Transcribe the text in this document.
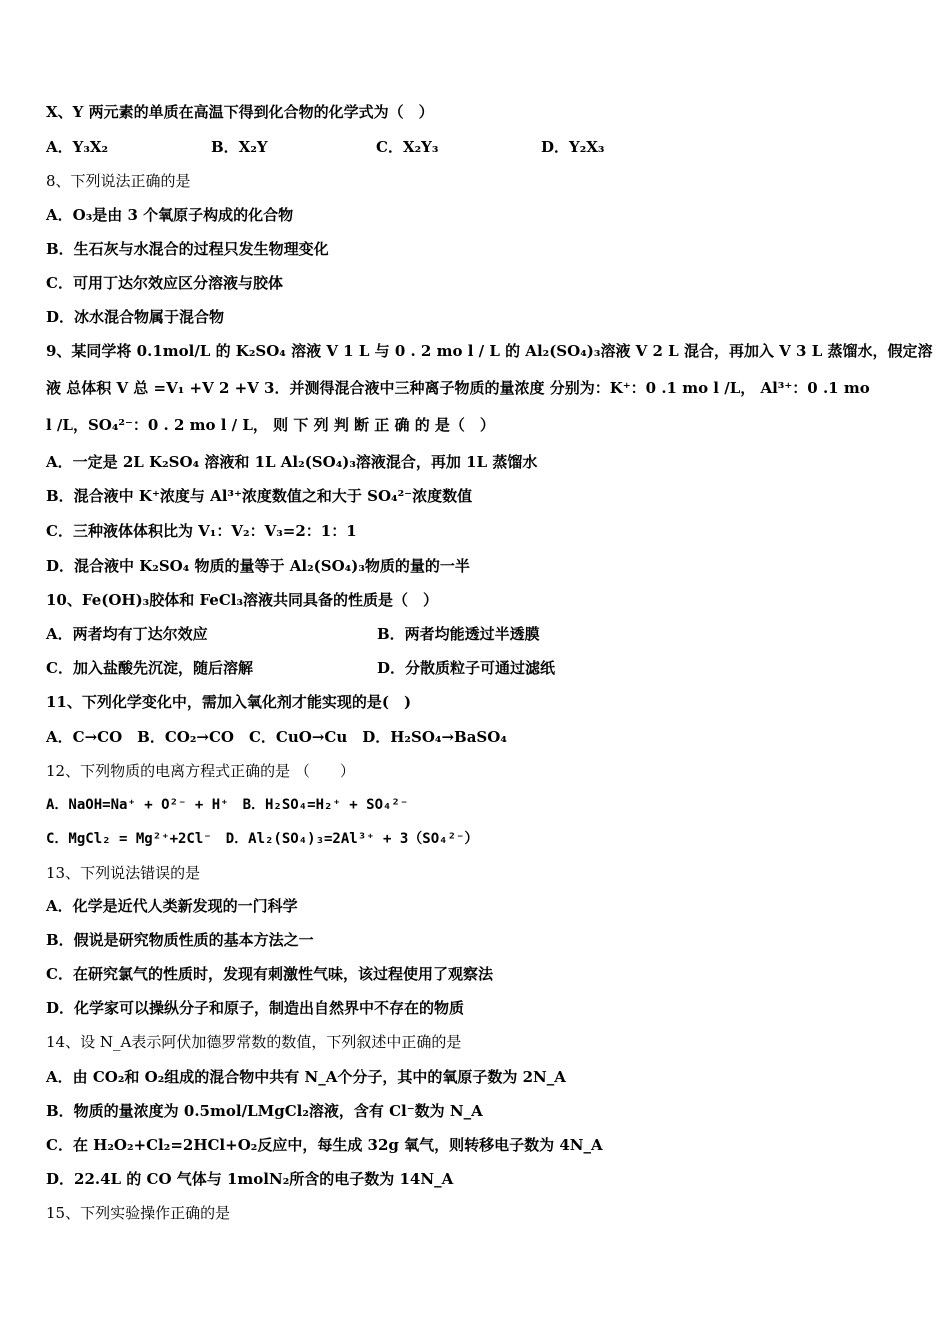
X、Y 两元素的单质在高温下得到化合物的化学式为（　）
A．Y₃X₂	B．X₂Y	C．X₂Y₃	D．Y₂X₃
8、下列说法正确的是
A．O₃是由 3 个氧原子构成的化合物
B．生石灰与水混合的过程只发生物理变化
C．可用丁达尔效应区分溶液与胶体
D．冰水混合物属于混合物
9、某同学将 0.1mol/L 的 K₂SO₄ 溶液 V 1 L 与 0 . 2 mo l / L 的 Al₂(SO₄)₃溶液 V 2 L 混合，再加入 V 3 L 蒸馏水，假定溶
液 总体积 V 总 =V₁ +V 2 +V 3．并测得混合液中三种离子物质的量浓度 分别为：K⁺：0 .1 mo l /L， Al³⁺：0 .1 mo
l /L，SO₄²⁻：0 . 2 mo l / L， 则 下 列 判 断 正 确 的 是（　）
A．一定是 2L K₂SO₄ 溶液和 1L Al₂(SO₄)₃溶液混合，再加 1L 蒸馏水
B．混合液中 K⁺浓度与 Al³⁺浓度数值之和大于 SO₄²⁻浓度数值
C．三种液体体积比为 V₁：V₂：V₃=2：1：1
D．混合液中 K₂SO₄ 物质的量等于 Al₂(SO₄)₃物质的量的一半
10、Fe(OH)₃胶体和 FeCl₃溶液共同具备的性质是（　）
A．两者均有丁达尔效应	B．两者均能透过半透膜
C．加入盐酸先沉淀，随后溶解	D．分散质粒子可通过滤纸
11、下列化学变化中，需加入氧化剂才能实现的是(　)
A．C→CO　B．CO₂→CO　C．CuO→Cu　D．H₂SO₄→BaSO₄
12、下列物质的电离方程式正确的是 （　　）
A．NaOH=Na⁺ + O²⁻ + H⁺　B．H₂SO₄=H₂⁺ + SO₄²⁻
C．MgCl₂ = Mg²⁺+2Cl⁻　D．Al₂(SO₄)₃=2Al³⁺ + 3（SO₄²⁻）
13、下列说法错误的是
A．化学是近代人类新发现的一门科学
B．假说是研究物质性质的基本方法之一
C．在研究氯气的性质时，发现有刺激性气味，该过程使用了观察法
D．化学家可以操纵分子和原子，制造出自然界中不存在的物质
14、设 N_A表示阿伏加德罗常数的数值，下列叙述中正确的是
A．由 CO₂和 O₂组成的混合物中共有 N_A个分子，其中的氧原子数为 2N_A
B．物质的量浓度为 0.5mol/LMgCl₂溶液，含有 Cl⁻数为 N_A
C．在 H₂O₂+Cl₂=2HCl+O₂反应中，每生成 32g 氧气，则转移电子数为 4N_A
D．22.4L 的 CO 气体与 1molN₂所含的电子数为 14N_A
15、下列实验操作正确的是
